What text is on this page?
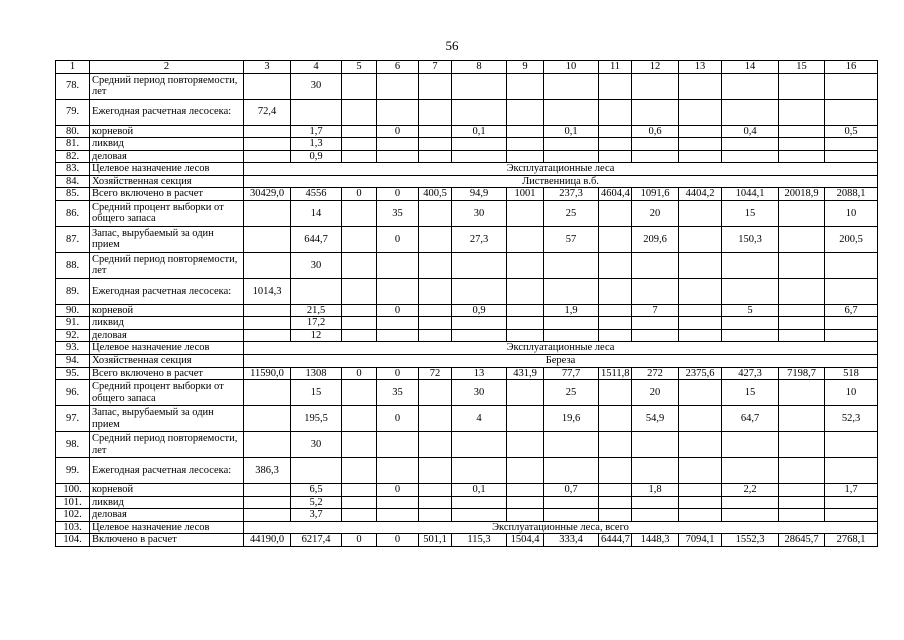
56
1	2	3	4	5	6	7	8	9	10	11	12	13	14	15	16
78.	Средний период повторяемости, лет		30												
79.	Ежегодная расчетная лесосека:	72,4													
80.	корневой		1,7		0		0,1		0,1		0,6		0,4		0,5
81.	ликвид		1,3												
82.	деловая		0,9												
83.	Целевое назначение лесов	Эксплуатационные леса													
84.	Хозяйственная секция	Лиственница в.б.													
85.	Всего включено в расчет	30429,0	4556	0	0	400,5	94,9	1001	237,3	4604,4	1091,6	4404,2	1044,1	20018,9	2088,1
86.	Средний процент выборки от общего запаса		14		35		30		25		20		15		10
87.	Запас, вырубаемый за один прием		644,7		0		27,3		57		209,6		150,3		200,5
88.	Средний период повторяемости, лет		30												
89.	Ежегодная расчетная лесосека:	1014,3													
90.	корневой		21,5		0		0,9		1,9		7		5		6,7
91.	ликвид		17,2												
92.	деловая		12												
93.	Целевое назначение лесов	Эксплуатационные леса													
94.	Хозяйственная секция	Береза													
95.	Всего включено в расчет	11590,0	1308	0	0	72	13	431,9	77,7	1511,8	272	2375,6	427,3	7198,7	518
96.	Средний процент выборки от общего запаса		15		35		30		25		20		15		10
97.	Запас, вырубаемый за один прием		195,5		0		4		19,6		54,9		64,7		52,3
98.	Средний период повторяемости, лет		30												
99.	Ежегодная расчетная лесосека:	386,3													
100.	корневой		6,5		0		0,1		0,7		1,8		2,2		1,7
101.	ликвид		5,2												
102.	деловая		3,7												
103.	Целевое назначение лесов	Эксплуатационные леса, всего													
104.	Включено в расчет	44190,0	6217,4	0	0	501,1	115,3	1504,4	333,4	6444,7	1448,3	7094,1	1552,3	28645,7	2768,1
